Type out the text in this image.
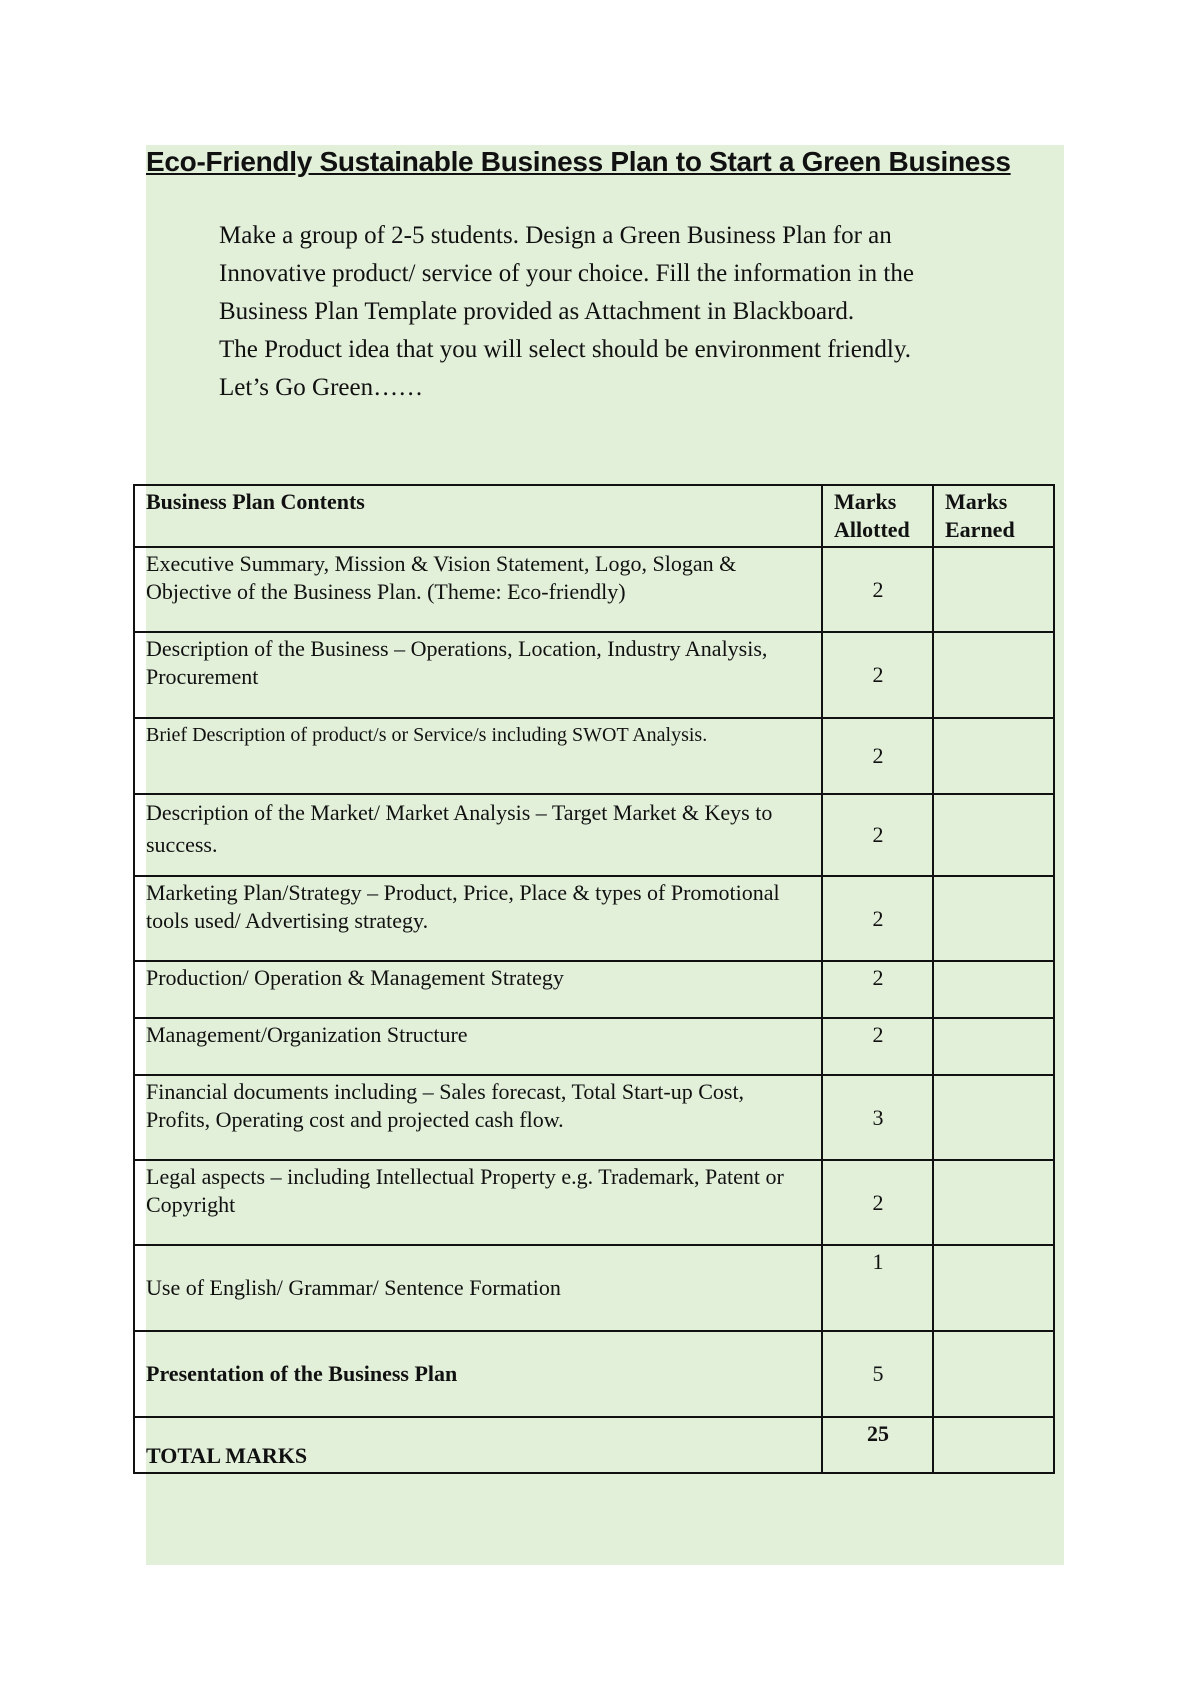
Eco-Friendly Sustainable Business Plan to Start a Green Business
Make a group of 2-5 students. Design a Green Business Plan for an
Innovative product/ service of your choice. Fill the information in the
Business Plan Template provided as Attachment in Blackboard.
The Product idea that you will select should be environment friendly.
Let’s Go Green……
Business Plan Contents	Marks Allotted	Marks Earned
Executive Summary, Mission & Vision Statement, Logo, Slogan & Objective of the Business Plan. (Theme: Eco-friendly)	2	
Description of the Business – Operations, Location, Industry Analysis, Procurement	2	
Brief Description of product/s or Service/s including SWOT Analysis.	2	
Description of the Market/ Market Analysis – Target Market & Keys to success.	2	
Marketing Plan/Strategy – Product, Price, Place & types of Promotional tools used/ Advertising strategy.	2	
Production/ Operation & Management Strategy	2	
Management/Organization Structure	2	
Financial documents including – Sales forecast, Total Start-up Cost, Profits, Operating cost and projected cash flow.	3	
Legal aspects – including Intellectual Property e.g. Trademark, Patent or Copyright	2	
Use of English/ Grammar/ Sentence Formation	1	
Presentation of the Business Plan	5	
TOTAL MARKS	25	
